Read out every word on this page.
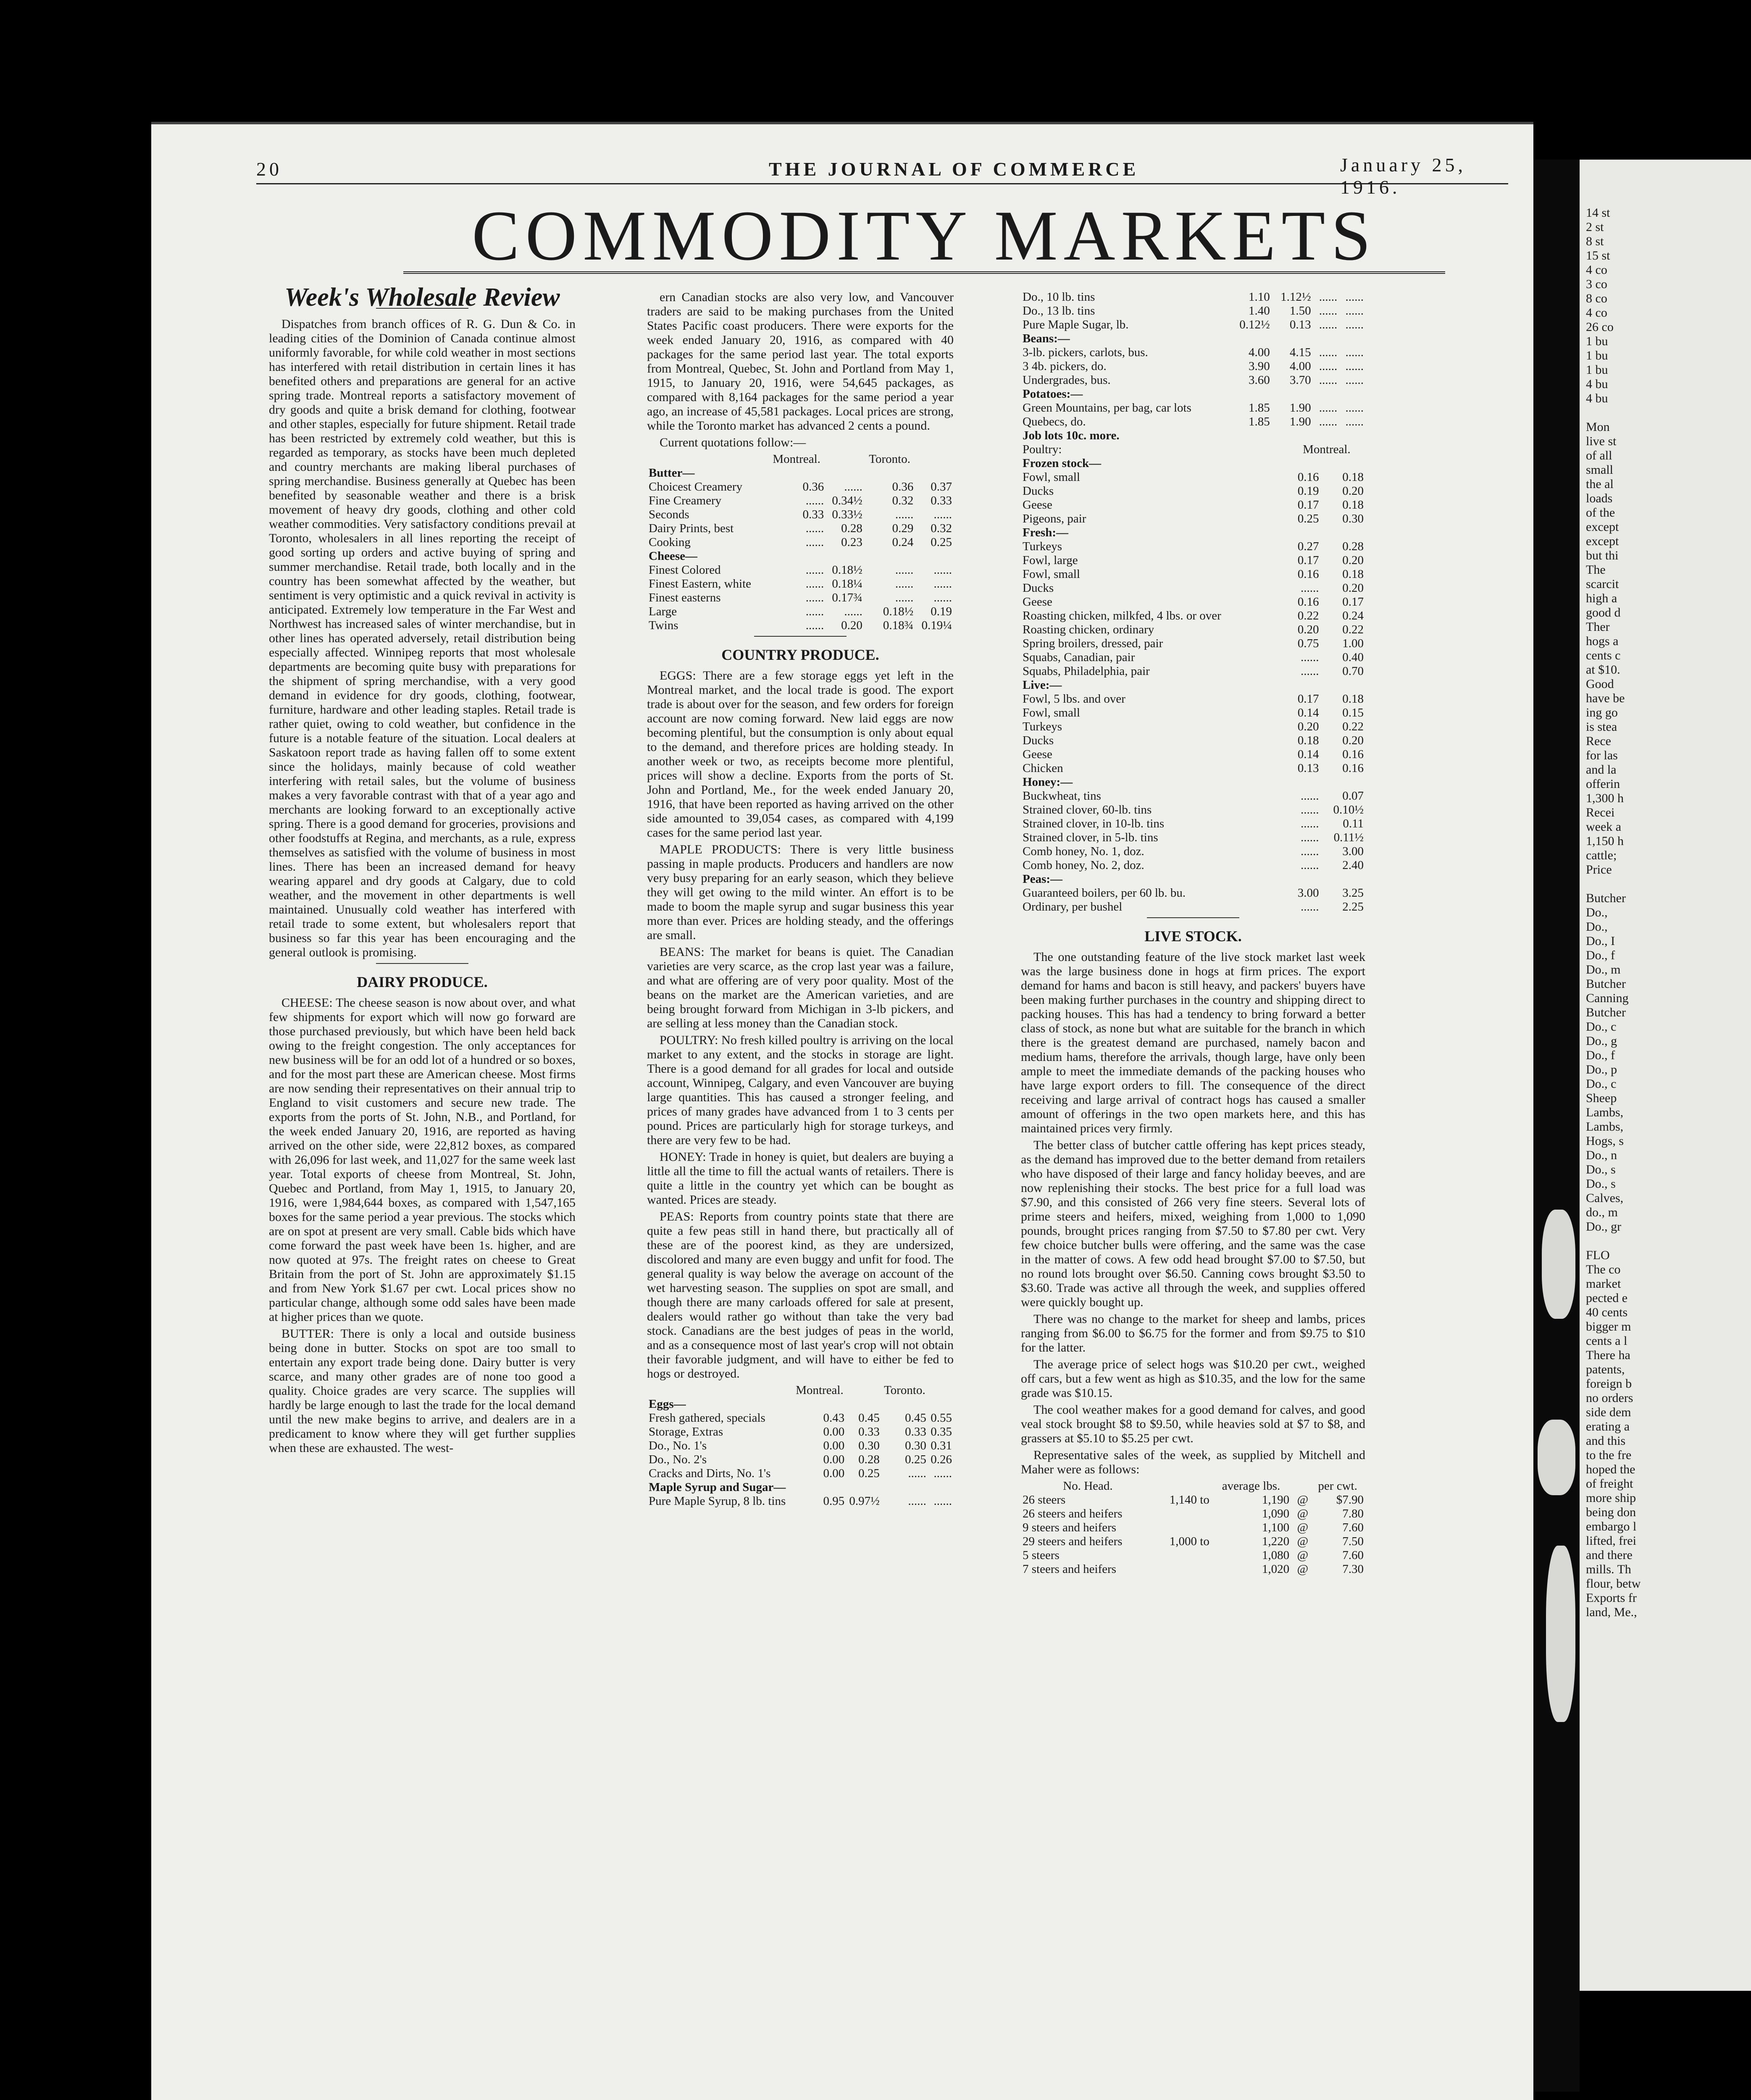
20	THE JOURNAL OF COMMERCE	January 25, 1916.
COMMODITY MARKETS
Week's Wholesale Review

Dispatches from branch offices of R. G. Dun & Co. in leading cities of the Dominion of Canada continue almost uniformly favorable, for while cold weather in most sections has interfered with retail distribution in certain lines it has benefited others and preparations are general for an active spring trade. Montreal reports a satisfactory movement of dry goods and quite a brisk demand for clothing, footwear and other staples, especially for future shipment. Retail trade has been restricted by extremely cold weather, but this is regarded as temporary, as stocks have been much depleted and country merchants are making liberal purchases of spring merchandise. Business generally at Quebec has been benefited by seasonable weather and there is a brisk movement of heavy dry goods, clothing and other cold weather commodities. Very satisfactory conditions prevail at Toronto, wholesalers in all lines reporting the receipt of good sorting up orders and active buying of spring and summer merchandise. Retail trade, both locally and in the country has been somewhat affected by the weather, but sentiment is very optimistic and a quick revival in activity is anticipated. Extremely low temperature in the Far West and Northwest has increased sales of winter merchandise, but in other lines has operated adversely, retail distribution being especially affected. Winnipeg reports that most wholesale departments are becoming quite busy with preparations for the shipment of spring merchandise, with a very good demand in evidence for dry goods, clothing, footwear, furniture, hardware and other leading staples. Retail trade is rather quiet, owing to cold weather, but confidence in the future is a notable feature of the situation. Local dealers at Saskatoon report trade as having fallen off to some extent since the holidays, mainly because of cold weather interfering with retail sales, but the volume of business makes a very favorable contrast with that of a year ago and merchants are looking forward to an exceptionally active spring. There is a good demand for groceries, provisions and other foodstuffs at Regina, and merchants, as a rule, express themselves as satisfied with the volume of business in most lines. There has been an increased demand for heavy wearing apparel and dry goods at Calgary, due to cold weather, and the movement in other departments is well maintained. Unusually cold weather has interfered with retail trade to some extent, but wholesalers report that business so far this year has been encouraging and the general outlook is promising.

DAIRY PRODUCE.

CHEESE: The cheese season is now about over, and what few shipments for export which will now go forward are those purchased previously, but which have been held back owing to the freight congestion. The only acceptances for new business will be for an odd lot of a hundred or so boxes, and for the most part these are American cheese. Most firms are now sending their representatives on their annual trip to England to visit customers and secure new trade. The exports from the ports of St. John, N.B., and Portland, for the week ended January 20, 1916, are reported as having arrived on the other side, were 22,812 boxes, as compared with 26,096 for last week, and 11,027 for the same week last year. Total exports of cheese from Montreal, St. John, Quebec and Portland, from May 1, 1915, to January 20, 1916, were 1,984,644 boxes, as compared with 1,547,165 boxes for the same period a year previous. The stocks which are on spot at present are very small. Cable bids which have come forward the past week have been 1s. higher, and are now quoted at 97s. The freight rates on cheese to Great Britain from the port of St. John are approximately $1.15 and from New York $1.67 per cwt. Local prices show no particular change, although some odd sales have been made at higher prices than we quote.

BUTTER: There is only a local and outside business being done in butter. Stocks on spot are too small to entertain any export trade being done. Dairy butter is very scarce, and many other grades are of none too good a quality. Choice grades are very scarce. The supplies will hardly be large enough to last the trade for the local demand until the new make begins to arrive, and dealers are in a predicament to know where they will get further supplies when these are exhausted. The west-

ern Canadian stocks are also very low, and Vancouver traders are said to be making purchases from the United States Pacific coast producers. There were exports for the week ended January 20, 1916, as compared with 40 packages for the same period last year. The total exports from Montreal, Quebec, St. John and Portland from May 1, 1915, to January 20, 1916, were 54,645 packages, as compared with 8,164 packages for the same period a year ago, an increase of 45,581 packages. Local prices are strong, while the Toronto market has advanced 2 cents a pound.

Current quotations follow:—

	Montreal.		Toronto.	
Butter—				
Choicest Creamery	0.36	......	0.36	0.37
Fine Creamery	......	0.34½	0.32	0.33
Seconds	0.33	0.33½	......	......
Dairy Prints, best	......	0.28	0.29	0.32
Cooking	......	0.23	0.24	0.25
Cheese—				
Finest Colored	......	0.18½	......	......
Finest Eastern, white	......	0.18¼	......	......
Finest easterns	......	0.17¾	......	......
Large	......	......	0.18½	0.19
Twins	......	0.20	0.18¾	0.19¼
COUNTRY PRODUCE.

EGGS: There are a few storage eggs yet left in the Montreal market, and the local trade is good. The export trade is about over for the season, and few orders for foreign account are now coming forward. New laid eggs are now becoming plentiful, but the consumption is only about equal to the demand, and therefore prices are holding steady. In another week or two, as receipts become more plentiful, prices will show a decline. Exports from the ports of St. John and Portland, Me., for the week ended January 20, 1916, that have been reported as having arrived on the other side amounted to 39,054 cases, as compared with 4,199 cases for the same period last year.

MAPLE PRODUCTS: There is very little business passing in maple products. Producers and handlers are now very busy preparing for an early season, which they believe they will get owing to the mild winter. An effort is to be made to boom the maple syrup and sugar business this year more than ever. Prices are holding steady, and the offerings are small.

BEANS: The market for beans is quiet. The Canadian varieties are very scarce, as the crop last year was a failure, and what are offering are of very poor quality. Most of the beans on the market are the American varieties, and are being brought forward from Michigan in 3-lb pickers, and are selling at less money than the Canadian stock.

POULTRY: No fresh killed poultry is arriving on the local market to any extent, and the stocks in storage are light. There is a good demand for all grades for local and outside account, Winnipeg, Calgary, and even Vancouver are buying large quantities. This has caused a stronger feeling, and prices of many grades have advanced from 1 to 3 cents per pound. Prices are particularly high for storage turkeys, and there are very few to be had.

HONEY: Trade in honey is quiet, but dealers are buying a little all the time to fill the actual wants of retailers. There is quite a little in the country yet which can be bought as wanted. Prices are steady.

PEAS: Reports from country points state that there are quite a few peas still in hand there, but practically all of these are of the poorest kind, as they are undersized, discolored and many are even buggy and unfit for food. The general quality is way below the average on account of the wet harvesting season. The supplies on spot are small, and though there are many carloads offered for sale at present, dealers would rather go without than take the very bad stock. Canadians are the best judges of peas in the world, and as a consequence most of last year's crop will not obtain their favorable judgment, and will have to either be fed to hogs or destroyed.

	Montreal.		Toronto.	
Eggs—				
Fresh gathered, specials	0.43	0.45	0.45	0.55
Storage, Extras	0.00	0.33	0.33	0.35
Do., No. 1's	0.00	0.30	0.30	0.31
Do., No. 2's	0.00	0.28	0.25	0.26
Cracks and Dirts, No. 1's	0.00	0.25	......	......
Maple Syrup and Sugar—				
Pure Maple Syrup, 8 lb. tins	0.95	0.97½	......	......
Do., 10 lb. tins	1.10	1.12½	......	......
Do., 13 lb. tins	1.40	1.50	......	......
Pure Maple Sugar, lb.	0.12½	0.13	......	......
Beans:—				
3-lb. pickers, carlots, bus.	4.00	4.15	......	......
3 4b. pickers, do.	3.90	4.00	......	......
Undergrades, bus.	3.60	3.70	......	......
Potatoes:—				
Green Mountains, per bag, car lots	1.85	1.90	......	......
Quebecs, do.	1.85	1.90	......	......
Job lots 10c. more.				
Poultry:	Montreal.	
Frozen stock—		
Fowl, small	0.16	0.18
Ducks	0.19	0.20
Geese	0.17	0.18
Pigeons, pair	0.25	0.30
Fresh:—		
Turkeys	0.27	0.28
Fowl, large	0.17	0.20
Fowl, small	0.16	0.18
Ducks	......	0.20
Geese	0.16	0.17
Roasting chicken, milkfed, 4 lbs. or over	0.22	0.24
Roasting chicken, ordinary	0.20	0.22
Spring broilers, dressed, pair	0.75	1.00
Squabs, Canadian, pair	......	0.40
Squabs, Philadelphia, pair	......	0.70
Live:—		
Fowl, 5 lbs. and over	0.17	0.18
Fowl, small	0.14	0.15
Turkeys	0.20	0.22
Ducks	0.18	0.20
Geese	0.14	0.16
Chicken	0.13	0.16
Honey:—		
Buckwheat, tins	......	0.07
Strained clover, 60-lb. tins	......	0.10½
Strained clover, in 10-lb. tins	......	0.11
Strained clover, in 5-lb. tins	......	0.11½
Comb honey, No. 1, doz.	......	3.00
Comb honey, No. 2, doz.	......	2.40
Peas:—		
Guaranteed boilers, per 60 lb. bu.	3.00	3.25
Ordinary, per bushel	......	2.25
LIVE STOCK.

The one outstanding feature of the live stock market last week was the large business done in hogs at firm prices. The export demand for hams and bacon is still heavy, and packers' buyers have been making further purchases in the country and shipping direct to packing houses. This has had a tendency to bring forward a better class of stock, as none but what are suitable for the branch in which there is the greatest demand are purchased, namely bacon and medium hams, therefore the arrivals, though large, have only been ample to meet the immediate demands of the packing houses who have large export orders to fill. The consequence of the direct receiving and large arrival of contract hogs has caused a smaller amount of offerings in the two open markets here, and this has maintained prices very firmly.

The better class of butcher cattle offering has kept prices steady, as the demand has improved due to the better demand from retailers who have disposed of their large and fancy holiday beeves, and are now replenishing their stocks. The best price for a full load was $7.90, and this consisted of 266 very fine steers. Several lots of prime steers and heifers, mixed, weighing from 1,000 to 1,090 pounds, brought prices ranging from $7.50 to $7.80 per cwt. Very few choice butcher bulls were offering, and the same was the case in the matter of cows. A few odd head brought $7.00 to $7.50, but no round lots brought over $6.50. Canning cows brought $3.50 to $3.60. Trade was active all through the week, and supplies offered were quickly bought up.

There was no change to the market for sheep and lambs, prices ranging from $6.00 to $6.75 for the former and from $9.75 to $10 for the latter.

The average price of select hogs was $10.20 per cwt., weighed off cars, but a few went as high as $10.35, and the low for the same grade was $10.15.

The cool weather makes for a good demand for calves, and good veal stock brought $8 to $9.50, while heavies sold at $7 to $8, and grassers at $5.10 to $5.25 per cwt.

Representative sales of the week, as supplied by Mitchell and Maher were as follows:

No. Head.		average lbs.		per cwt.
26 steers	1,140 to	1,190	@	$7.90
26 steers and heifers		1,090	@	7.80
9 steers and heifers		1,100	@	7.60
29 steers and heifers	1,000 to	1,220	@	7.50
5 steers		1,080	@	7.60
7 steers and heifers		1,020	@	7.30
14 st
2 st
8 st
15 st
4 co
3 co
8 co
4 co
26 co
1 bu
1 bu
1 bu
4 bu
4 bu

Mon
live st
of all
small
the al
loads
of the
except
except
but thi
The
scarcit
high a
good d
Ther
hogs a
cents c
at $10.
Good
have be
ing go
is stea
Rece
for las
and la
offerin
1,300 h
Recei
week a
1,150 h
cattle;
Price

Butcher
Do.,
Do.,
Do., I
Do., f
Do., m
Butcher
Canning
Butcher
Do., c
Do., g
Do., f
Do., p
Do., c
Sheep
Lambs,
Lambs,
Hogs, s
Do., n
Do., s
Do., s
Calves,
do., m
Do., gr

FLO
The co
market
pected e
40 cents
bigger m
cents a l
There ha
patents,
foreign b
no orders
side dem
erating a
and this
to the fre
hoped the
of freight
more ship
being don
embargo l
lifted, frei
and there
mills. Th
flour, betw
Exports fr
land, Me.,
